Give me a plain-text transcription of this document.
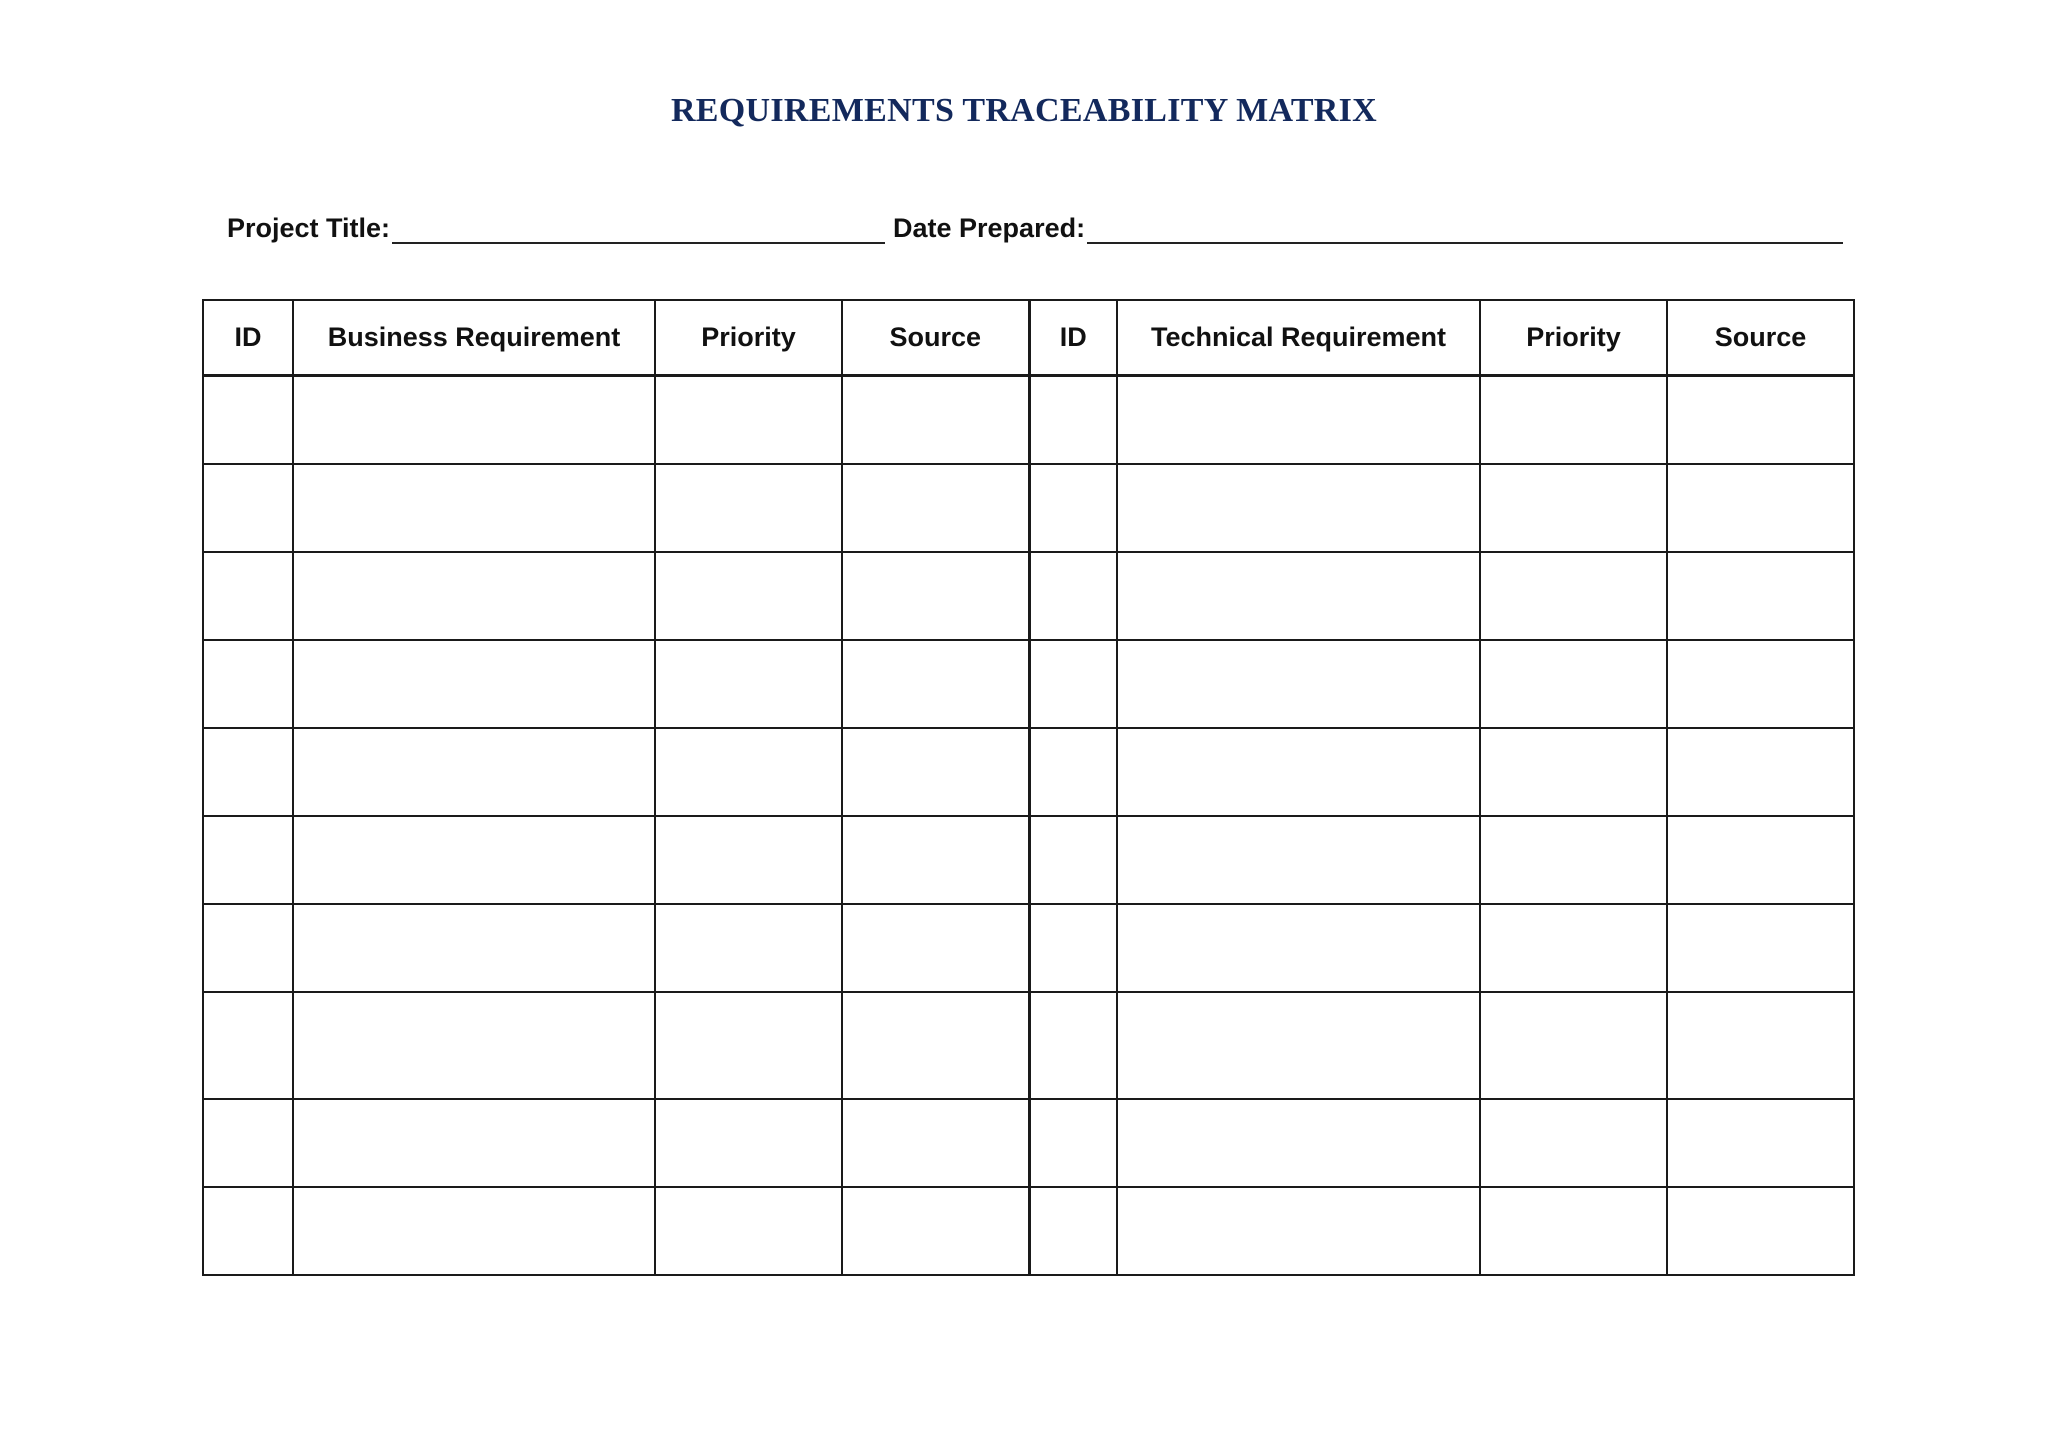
REQUIREMENTS TRACEABILITY MATRIX
Project Title:	Date Prepared:
ID	Business Requirement	Priority	Source	ID	Technical Requirement	Priority	Source
